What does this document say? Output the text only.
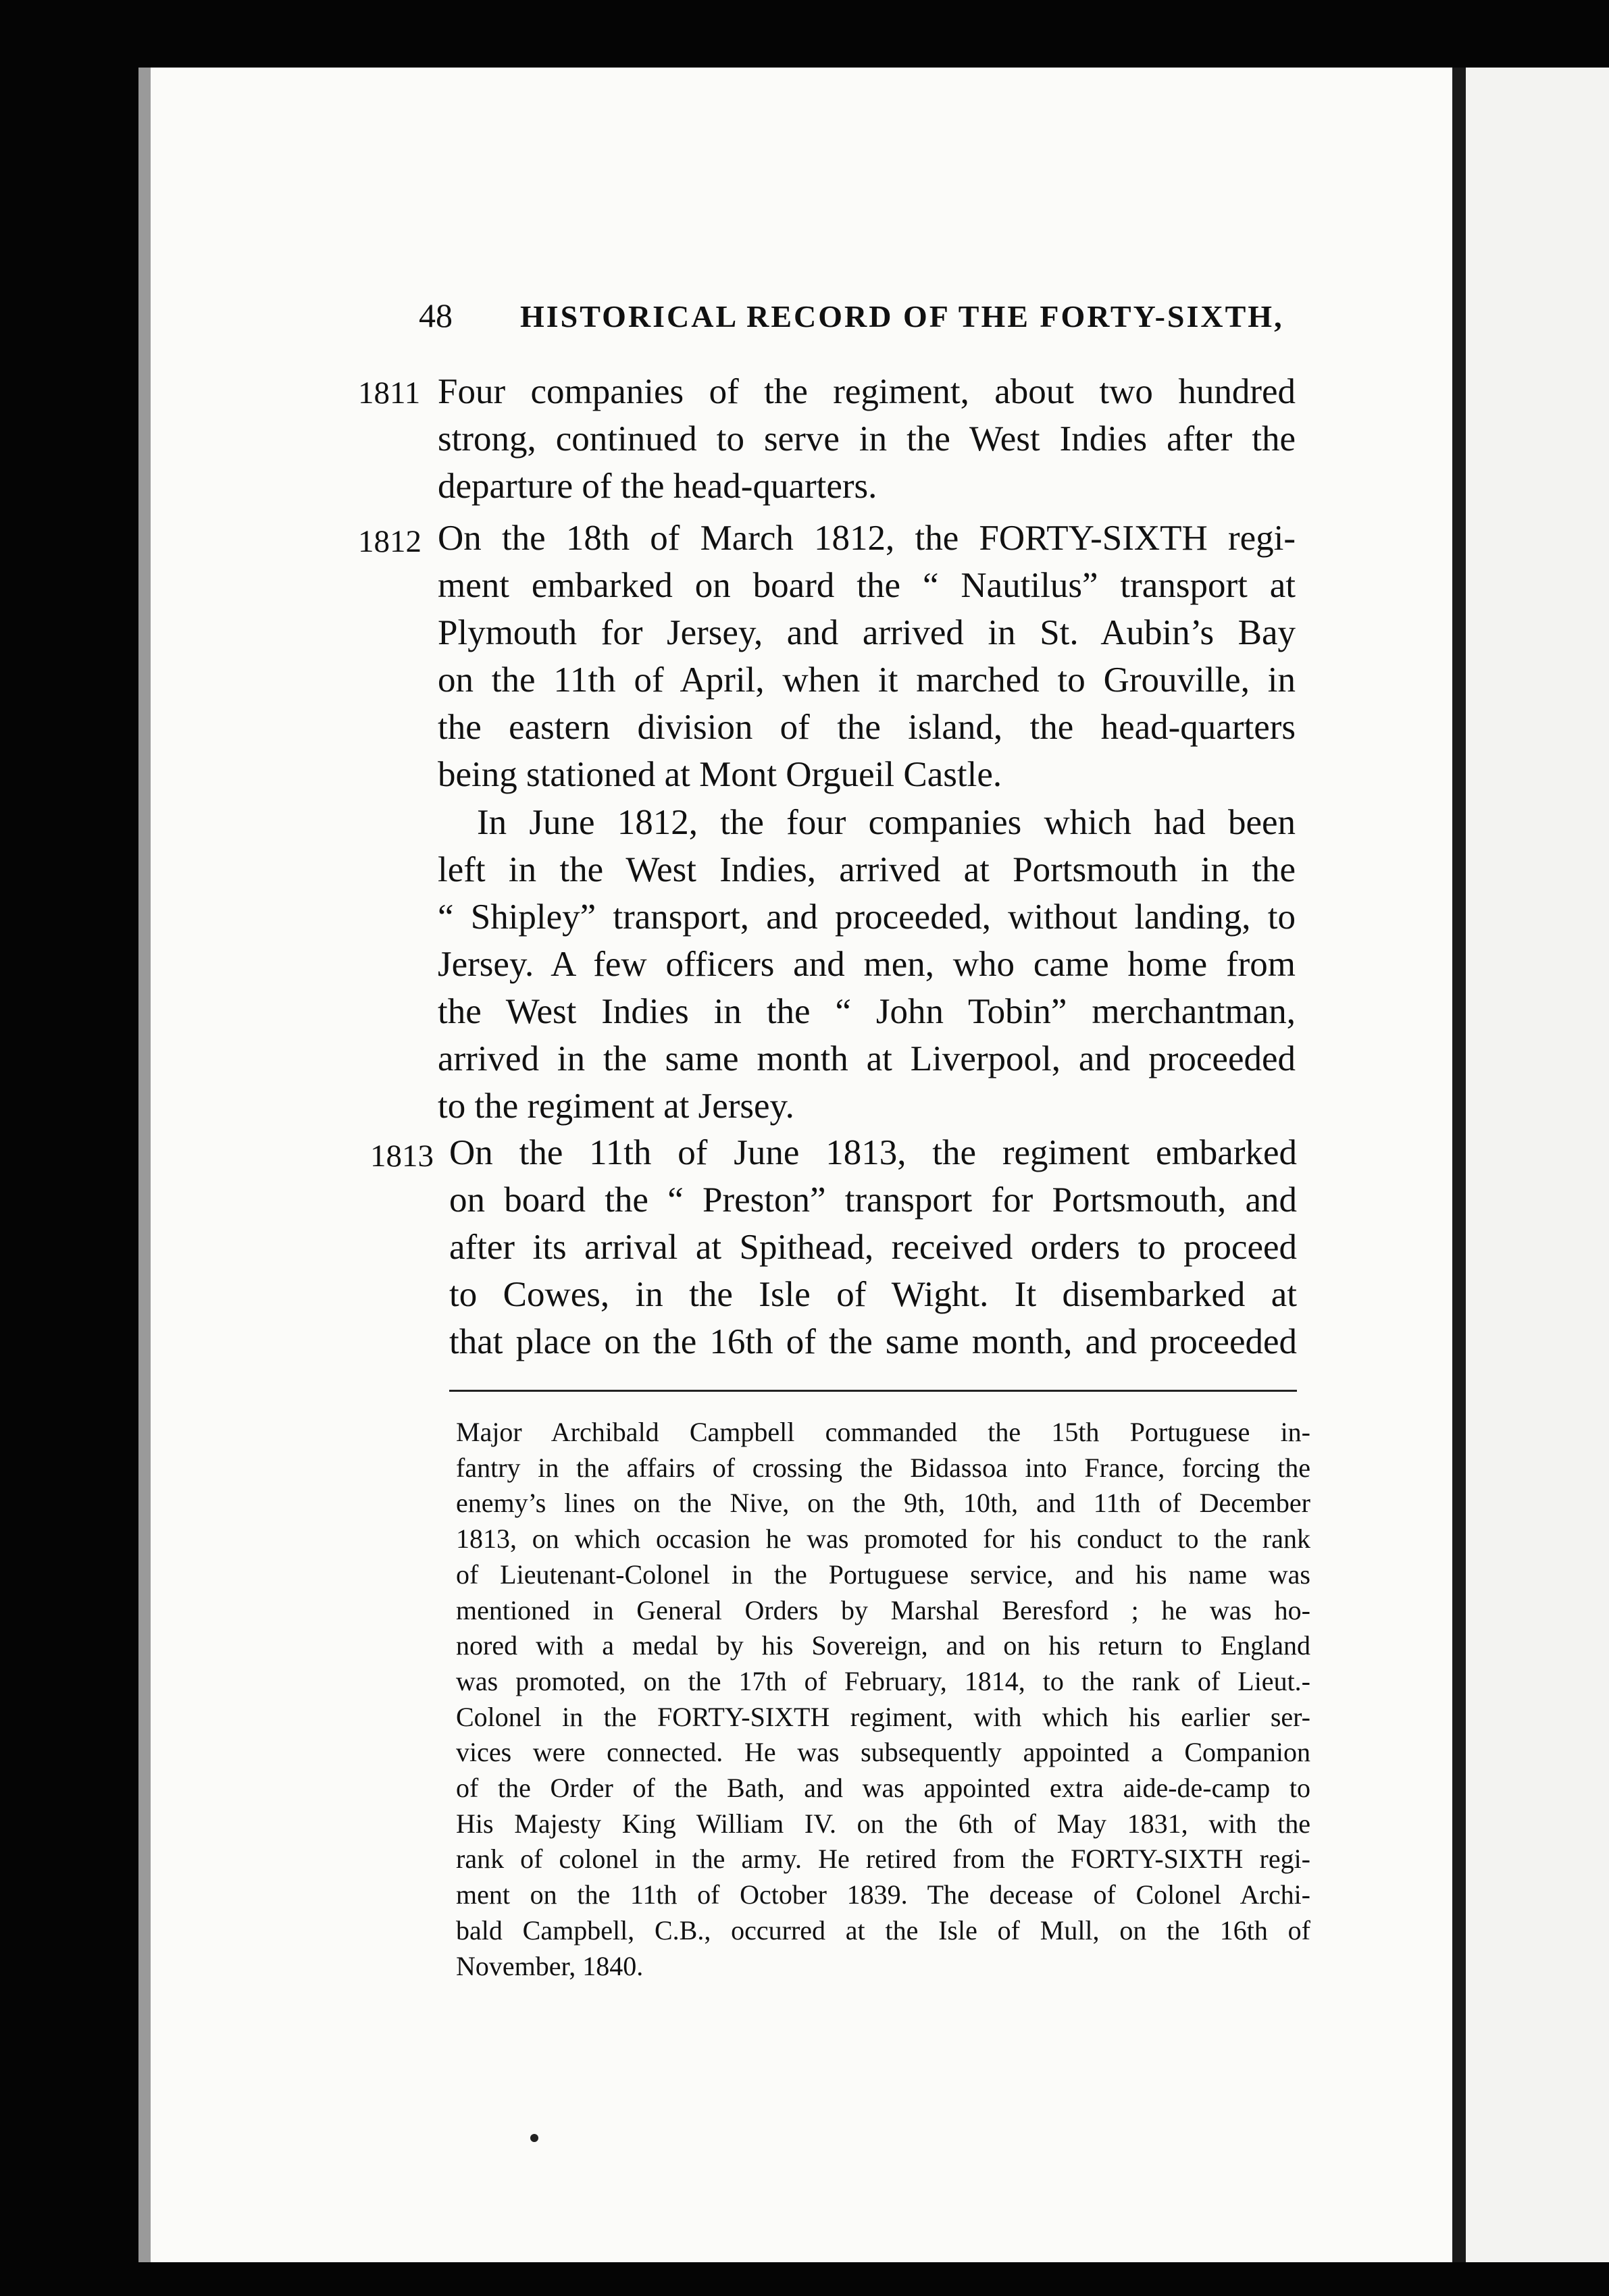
48 HISTORICAL RECORD OF THE FORTY-SIXTH,
1811 Four companies of the regiment, about two hundred
strong, continued to serve in the West Indies after the
departure of the head-quarters.
1812 On the 18th of March 1812, the FORTY-SIXTH regi-
ment embarked on board the “ Nautilus” transport at
Plymouth for Jersey, and arrived in St. Aubin’s Bay
on the 11th of April, when it marched to Grouville, in
the eastern division of the island, the head-quarters
being stationed at Mont Orgueil Castle.
In June 1812, the four companies which had been
left in the West Indies, arrived at Portsmouth in the
“ Shipley” transport, and proceeded, without landing, to
Jersey. A few officers and men, who came home from
the West Indies in the “ John Tobin” merchantman,
arrived in the same month at Liverpool, and proceeded
to the regiment at Jersey.
1813 On the 11th of June 1813, the regiment embarked
on board the “ Preston” transport for Portsmouth, and
after its arrival at Spithead, received orders to proceed
to Cowes, in the Isle of Wight. It disembarked at
that place on the 16th of the same month, and proceeded
Major Archibald Campbell commanded the 15th Portuguese in-
fantry in the affairs of crossing the Bidassoa into France, forcing the
enemy’s lines on the Nive, on the 9th, 10th, and 11th of December
1813, on which occasion he was promoted for his conduct to the rank
of Lieutenant-Colonel in the Portuguese service, and his name was
mentioned in General Orders by Marshal Beresford ; he was ho-
nored with a medal by his Sovereign, and on his return to England
was promoted, on the 17th of February, 1814, to the rank of Lieut.-
Colonel in the FORTY-SIXTH regiment, with which his earlier ser-
vices were connected. He was subsequently appointed a Companion
of the Order of the Bath, and was appointed extra aide-de-camp to
His Majesty King William IV. on the 6th of May 1831, with the
rank of colonel in the army. He retired from the FORTY-SIXTH regi-
ment on the 11th of October 1839. The decease of Colonel Archi-
bald Campbell, C.B., occurred at the Isle of Mull, on the 16th of
November, 1840.
